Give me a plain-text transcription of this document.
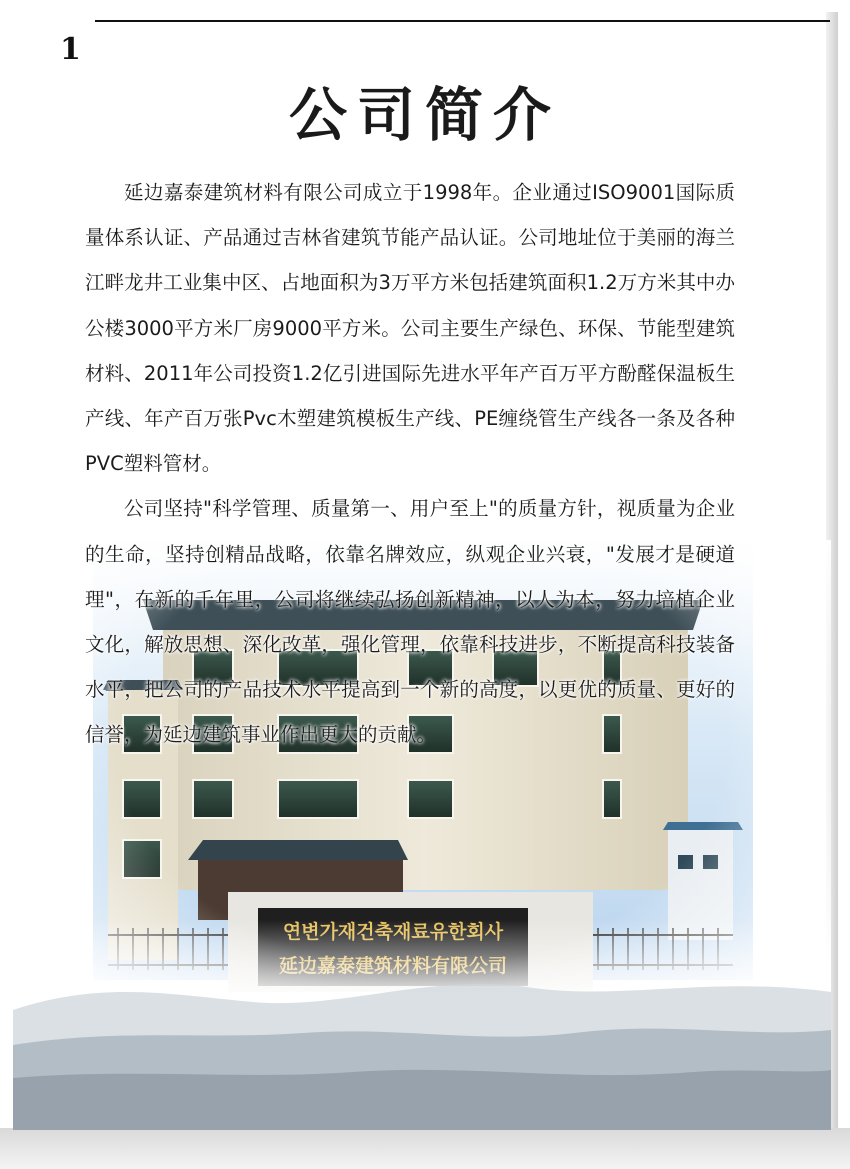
1
公司简介

延边嘉泰建筑材料有限公司成立于1998年。企业通过ISO9001国际质量体系认证、产品通过吉林省建筑节能产品认证。公司地址位于美丽的海兰江畔龙井工业集中区、占地面积为3万平方米包括建筑面积1.2万方米其中办公楼3000平方米厂房9000平方米。公司主要生产绿色、环保、节能型建筑材料、2011年公司投资1.2亿引进国际先进水平年产百万平方酚醛保温板生产线、年产百万张Pvc木塑建筑模板生产线、PE缠绕管生产线各一条及各种PVC塑料管材。

公司坚持"科学管理、质量第一、用户至上"的质量方针，视质量为企业的生命，坚持创精品战略，依靠名牌效应，纵观企业兴衰，"发展才是硬道理"，在新的千年里，公司将继续弘扬创新精神，以人为本，努力培植企业文化，解放思想、深化改革，强化管理，依靠科技进步，不断提高科技装备水平，把公司的产品技术水平提高到一个新的高度，以更优的质量、更好的信誉，为延边建筑事业作出更大的贡献。
